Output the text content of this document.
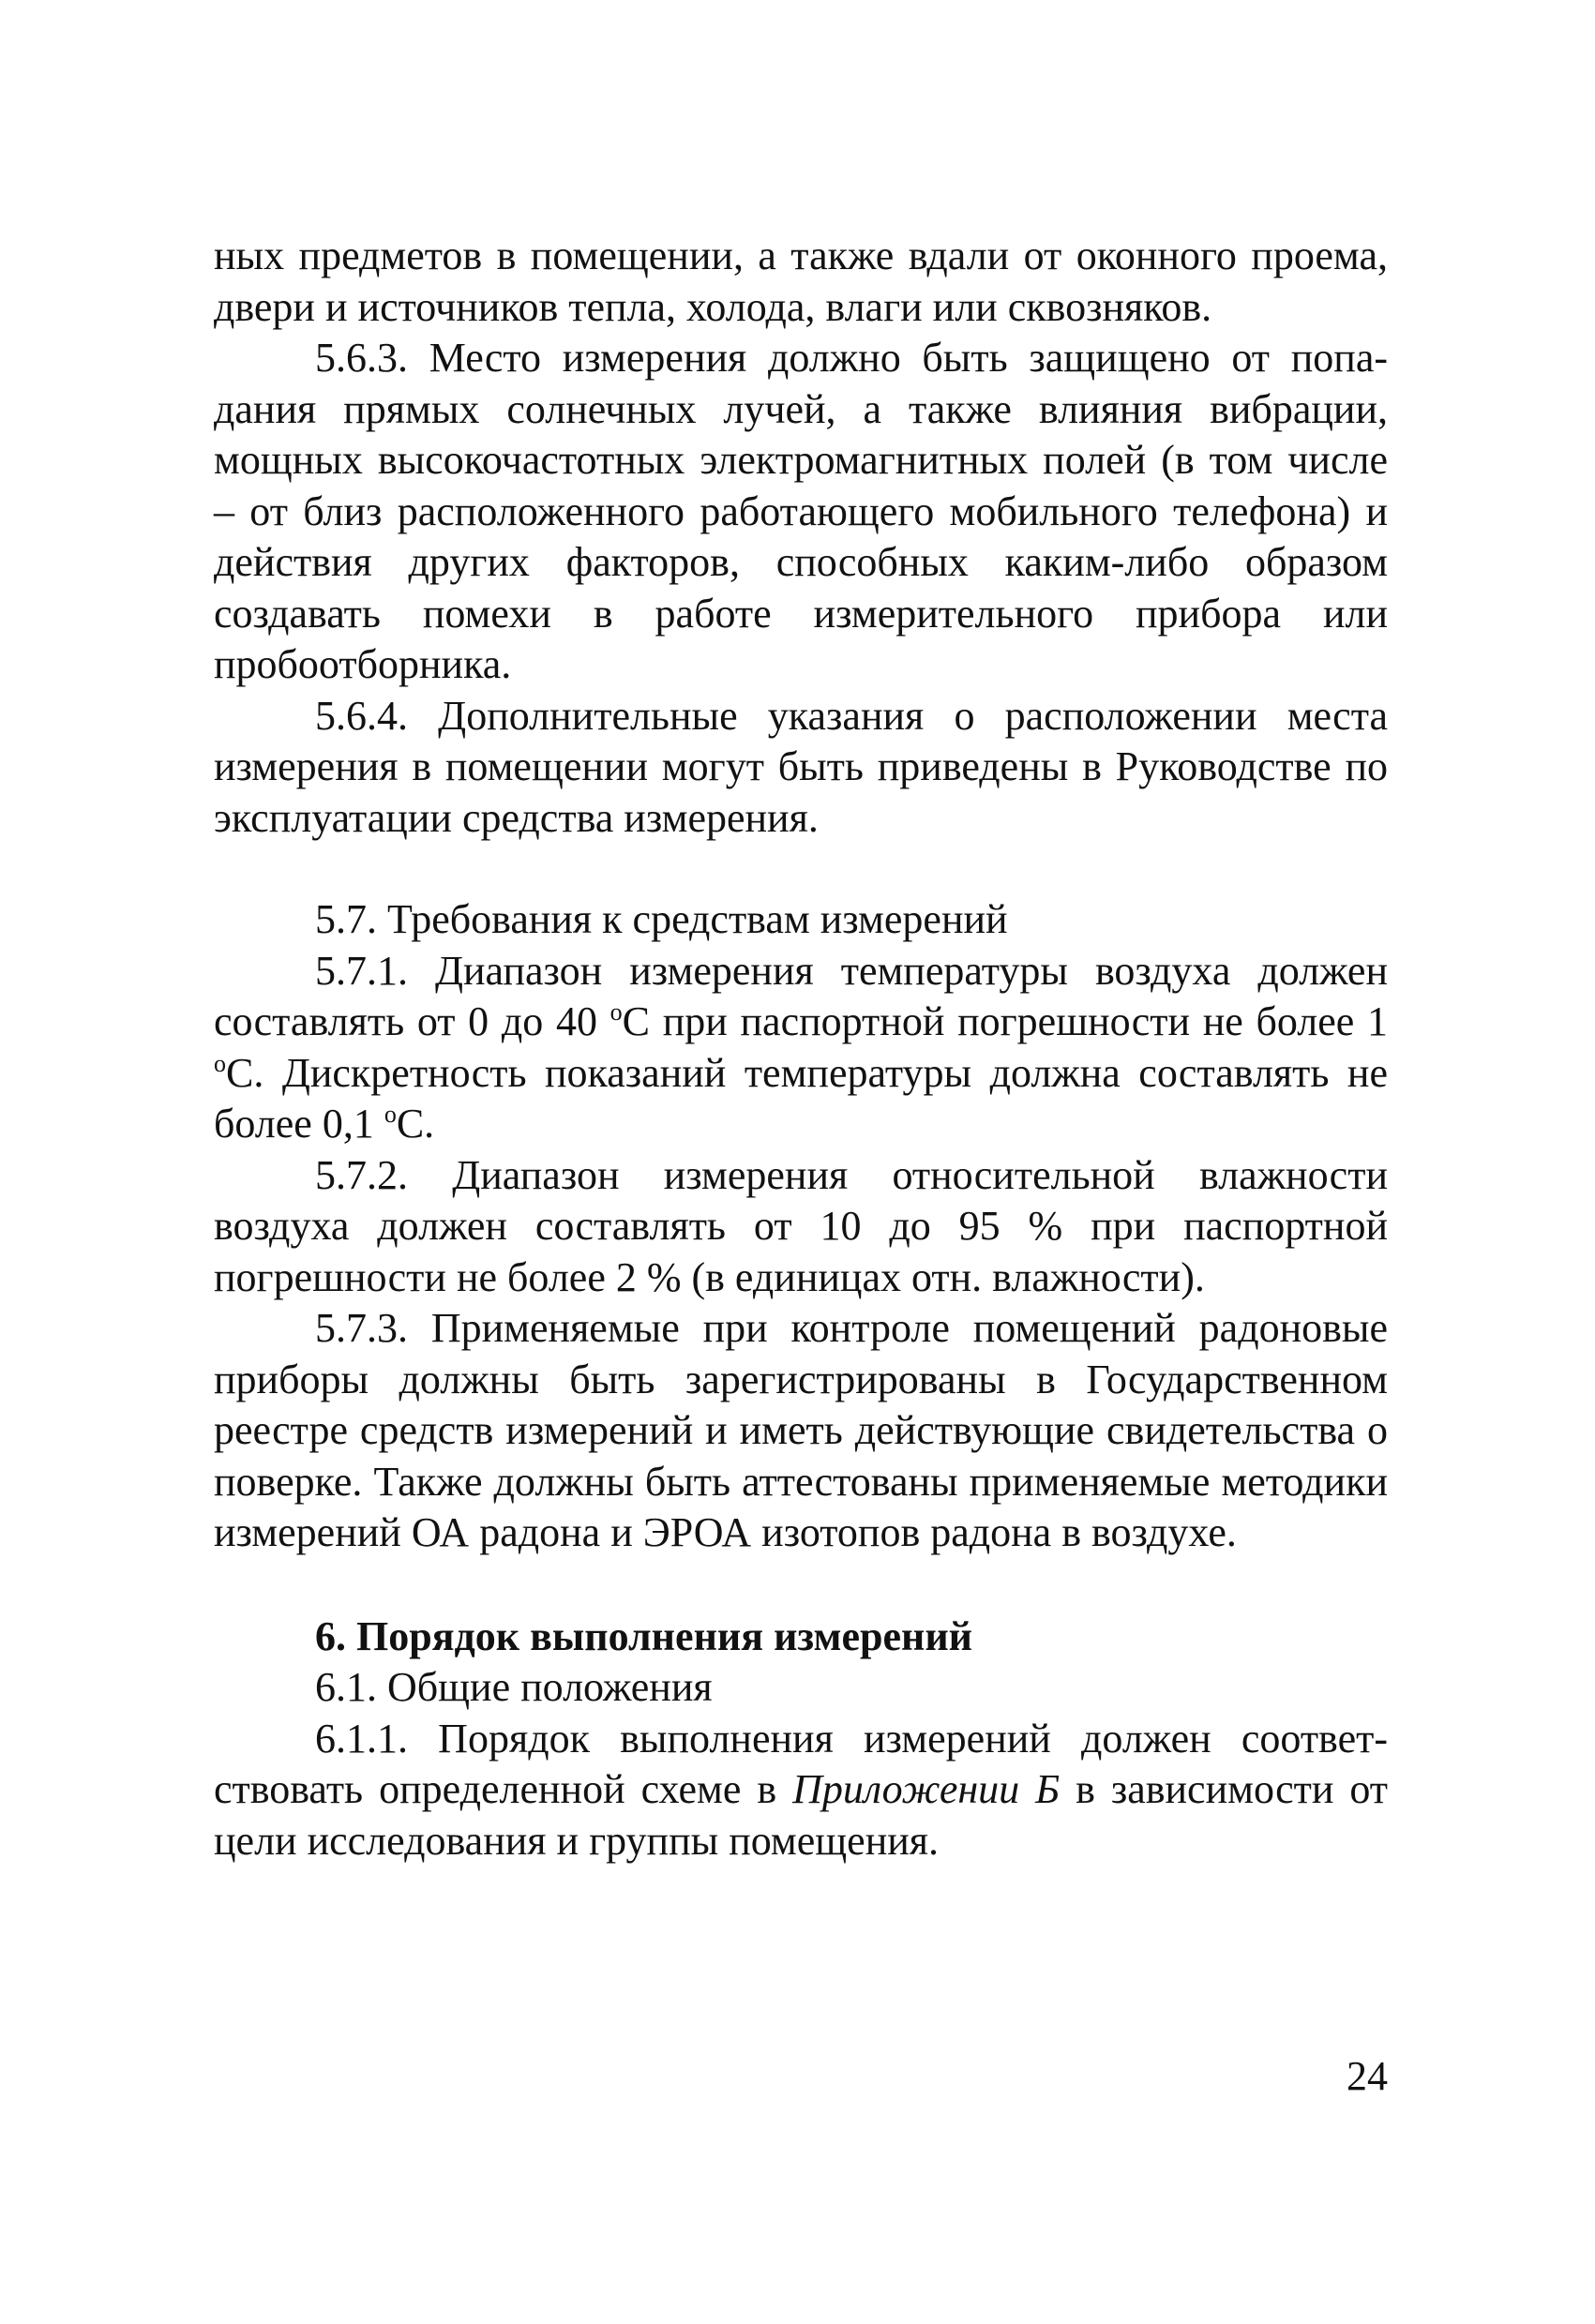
ных предметов в помещении, а также вдали от оконного проема, двери и источников тепла, холода, влаги или сквозняков.

5.6.3. Место измерения должно быть защищено от попадания прямых солнечных лучей, а также влияния вибрации, мощных высокочастотных электромагнитных полей (в том числе – от близ расположенного работающего мобильного телефона) и действия других факторов, способных каким-либо образом создавать помехи в работе измерительного прибора или пробоотборника.

5.6.4. Дополнительные указания о расположении места измерения в помещении могут быть приведены в Руководстве по эксплуатации средства измерения.

5.7. Требования к средствам измерений

5.7.1. Диапазон измерения температуры воздуха должен составлять от 0 до 40 $^о$С при паспортной погрешности не более 1 $^о$С. Дискретность показаний температуры должна составлять не более 0,1 $^о$С.

5.7.2. Диапазон измерения относительной влажности воздуха должен составлять от 10 до 95 % при паспортной погрешности не более 2 % (в единицах отн. влажности).

5.7.3. Применяемые при контроле помещений радоновые приборы должны быть зарегистрированы в Государственном реестре средств измерений и иметь действующие свидетельства о поверке. Также должны быть аттестованы применяемые методики измерений ОА радона и ЭРОА изотопов радона в воздухе.

6. Порядок выполнения измерений

6.1. Общие положения

6.1.1. Порядок выполнения измерений должен соответствовать определенной схеме в Приложении Б в зависимости от цели исследования и группы помещения.

24
